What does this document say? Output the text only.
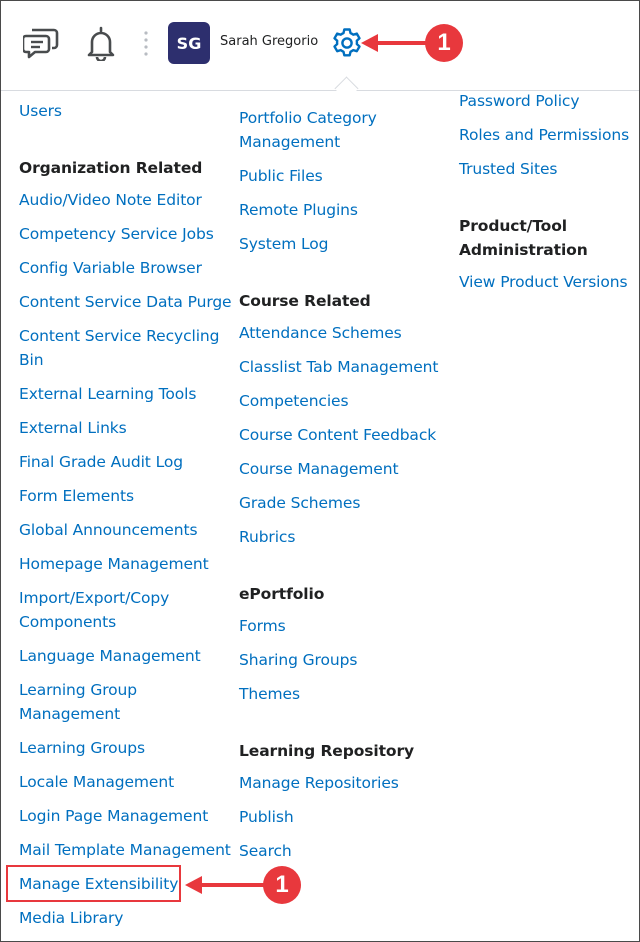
SG	Sarah Gregorio	1
Users
Organization Related
Audio/Video Note Editor
Competency Service Jobs
Config Variable Browser
Content Service Data Purge
Content Service Recycling
Bin
External Learning Tools
External Links
Final Grade Audit Log
Form Elements
Global Announcements
Homepage Management
Import/Export/Copy
Components
Language Management
Learning Group
Management
Learning Groups
Locale Management
Login Page Management
Mail Template Management
Manage Extensibility
Media Library
1
Portfolio Category
Management
Public Files
Remote Plugins
System Log
Course Related
Attendance Schemes
Classlist Tab Management
Competencies
Course Content Feedback
Course Management
Grade Schemes
Rubrics
ePortfolio
Forms
Sharing Groups
Themes
Learning Repository
Manage Repositories
Publish
Search
Password Policy
Roles and Permissions
Trusted Sites
Product/Tool
Administration
View Product Versions
